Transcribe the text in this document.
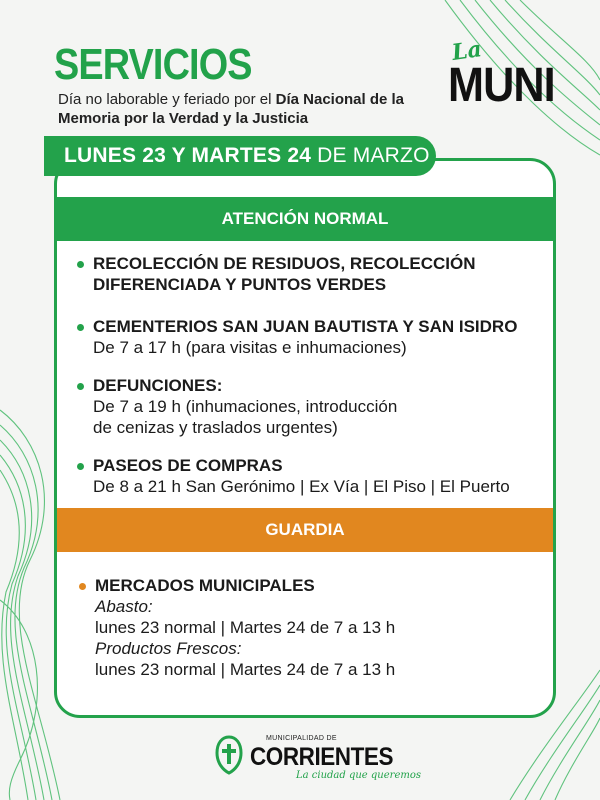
SERVICIOS
Día no laborable y feriado por el Día Nacional de la Memoria por la Verdad y la Justicia
La
MUNI
ATENCIÓN NORMAL
RECOLECCIÓN DE RESIDUOS, RECOLECCIÓN
DIFERENCIADA Y PUNTOS VERDES
CEMENTERIOS SAN JUAN BAUTISTA Y SAN ISIDRO
De 7 a 17 h (para visitas e inhumaciones)
DEFUNCIONES:
De 7 a 19 h (inhumaciones, introducción
de cenizas y traslados urgentes)
PASEOS DE COMPRAS
De 8 a 21 h San Gerónimo | Ex Vía | El Piso | El Puerto
GUARDIA
MERCADOS MUNICIPALES
Abasto:
lunes 23 normal | Martes 24 de 7 a 13 h
Productos Frescos:
lunes 23 normal | Martes 24 de 7 a 13 h
LUNES 23 Y MARTES 24 DE MARZO
MUNICIPALIDAD DE
CORRIENTES
La ciudad que queremos
